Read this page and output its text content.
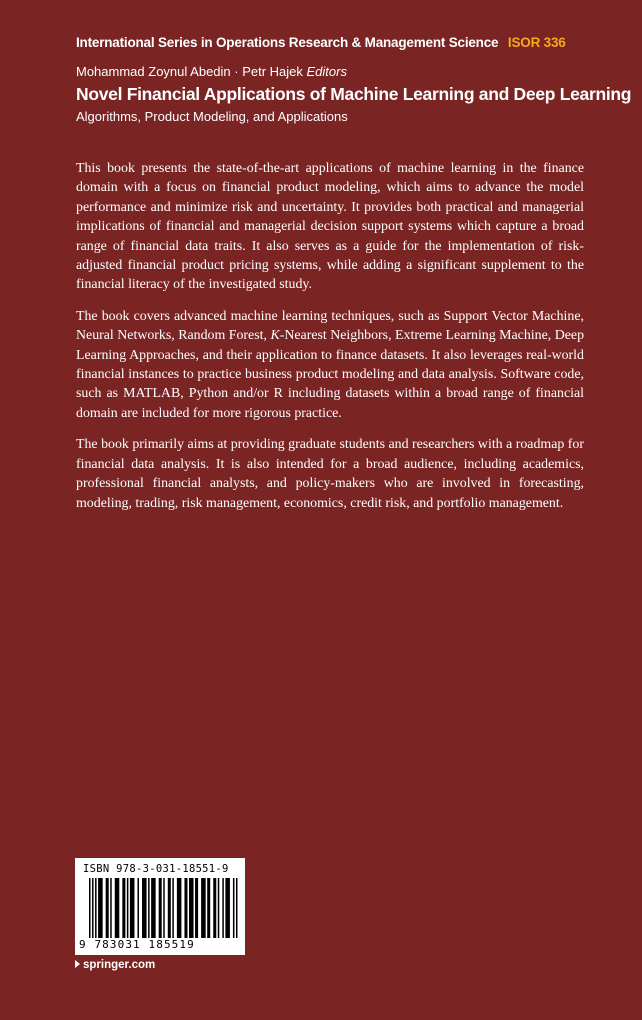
International Series in Operations Research & Management Science ISOR 336
Mohammad Zoynul Abedin · Petr Hajek Editors
Novel Financial Applications of Machine Learning and Deep Learning
Algorithms, Product Modeling, and Applications

This book presents the state-of-the-art applications of machine learning in the finance domain with a focus on financial product modeling, which aims to advance the model performance and minimize risk and uncertainty. It provides both practical and managerial implications of financial and managerial decision support systems which capture a broad range of financial data traits. It also serves as a guide for the implementation of risk-adjusted financial product pricing systems, while adding a significant supplement to the financial literacy of the investigated study.

The book covers advanced machine learning techniques, such as Support Vector Machine, Neural Networks, Random Forest, K-Nearest Neighbors, Extreme Learning Machine, Deep Learning Approaches, and their application to finance datasets. It also leverages real-world financial instances to practice business product modeling and data analysis. Software code, such as MATLAB, Python and/or R including datasets within a broad range of financial domain are included for more rigorous practice.

The book primarily aims at providing graduate students and researchers with a roadmap for financial data analysis. It is also intended for a broad audience, including academics, professional financial analysts, and policy-makers who are involved in forecasting, modeling, trading, risk management, economics, credit risk, and portfolio management.

ISBN 978-3-031-18551-9
9 783031 185519
springer.com
